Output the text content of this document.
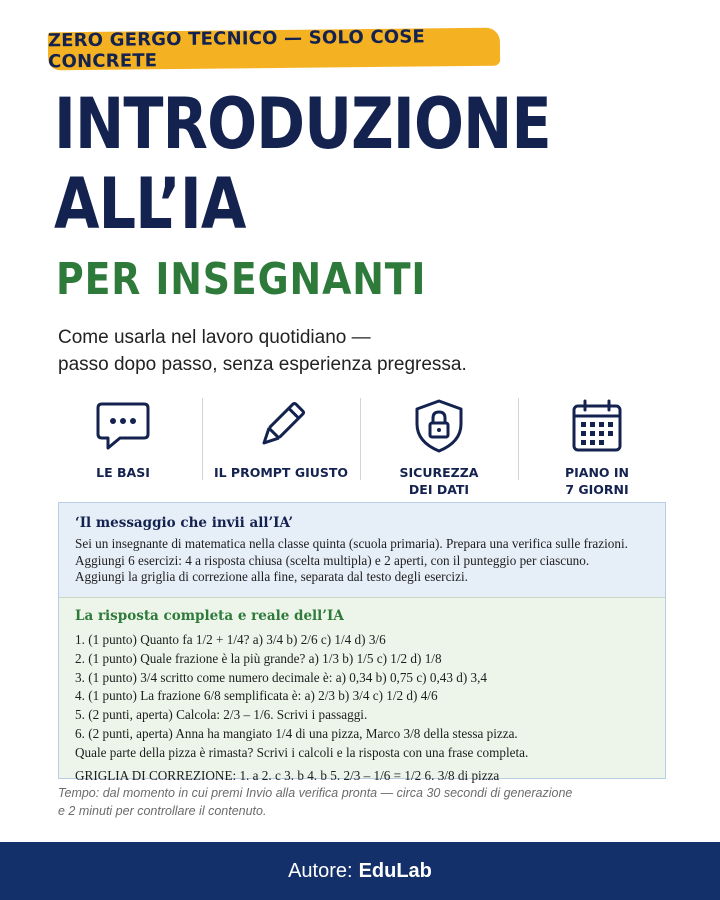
ZERO GERGO TECNICO — SOLO COSE CONCRETE
INTRODUZIONE
ALL’IA
PER INSEGNANTI
Come usarla nel lavoro quotidiano —
passo dopo passo, senza esperienza pregressa.
LE BASI	IL PROMPT GIUSTO	SICUREZZA
DEI DATI
PIANO IN
7 GIORNI
‘Il messaggio che invii all’IA’

Sei un insegnante di matematica nella classe quinta (scuola primaria). Prepara una verifica sulle frazioni.

Aggiungi 6 esercizi: 4 a risposta chiusa (scelta multipla) e 2 aperti, con il punteggio per ciascuno.

Aggiungi la griglia di correzione alla fine, separata dal testo degli esercizi.

La risposta completa e reale dell’IA
1. (1 punto) Quanto fa 1/2 + 1/4? a) 3/4 b) 2/6 c) 1/4 d) 3/6
2. (1 punto) Quale frazione è la più grande? a) 1/3 b) 1/5 c) 1/2 d) 1/8
3. (1 punto) 3/4 scritto come numero decimale è: a) 0,34 b) 0,75 c) 0,43 d) 3,4
4. (1 punto) La frazione 6/8 semplificata è: a) 2/3 b) 3/4 c) 1/2 d) 4/6
5. (2 punti, aperta) Calcola: 2/3 – 1/6. Scrivi i passaggi.
6. (2 punti, aperta) Anna ha mangiato 1/4 di una pizza, Marco 3/8 della stessa pizza.
Quale parte della pizza è rimasta? Scrivi i calcoli e la risposta con una frase completa.
GRIGLIA DI CORREZIONE: 1. a 2. c 3. b 4. b 5. 2/3 – 1/6 = 1/2 6. 3/8 di pizza
Tempo: dal momento in cui premi Invio alla verifica pronta — circa 30 secondi di generazione
e 2 minuti per controllare il contenuto.
Autore: EduLab
